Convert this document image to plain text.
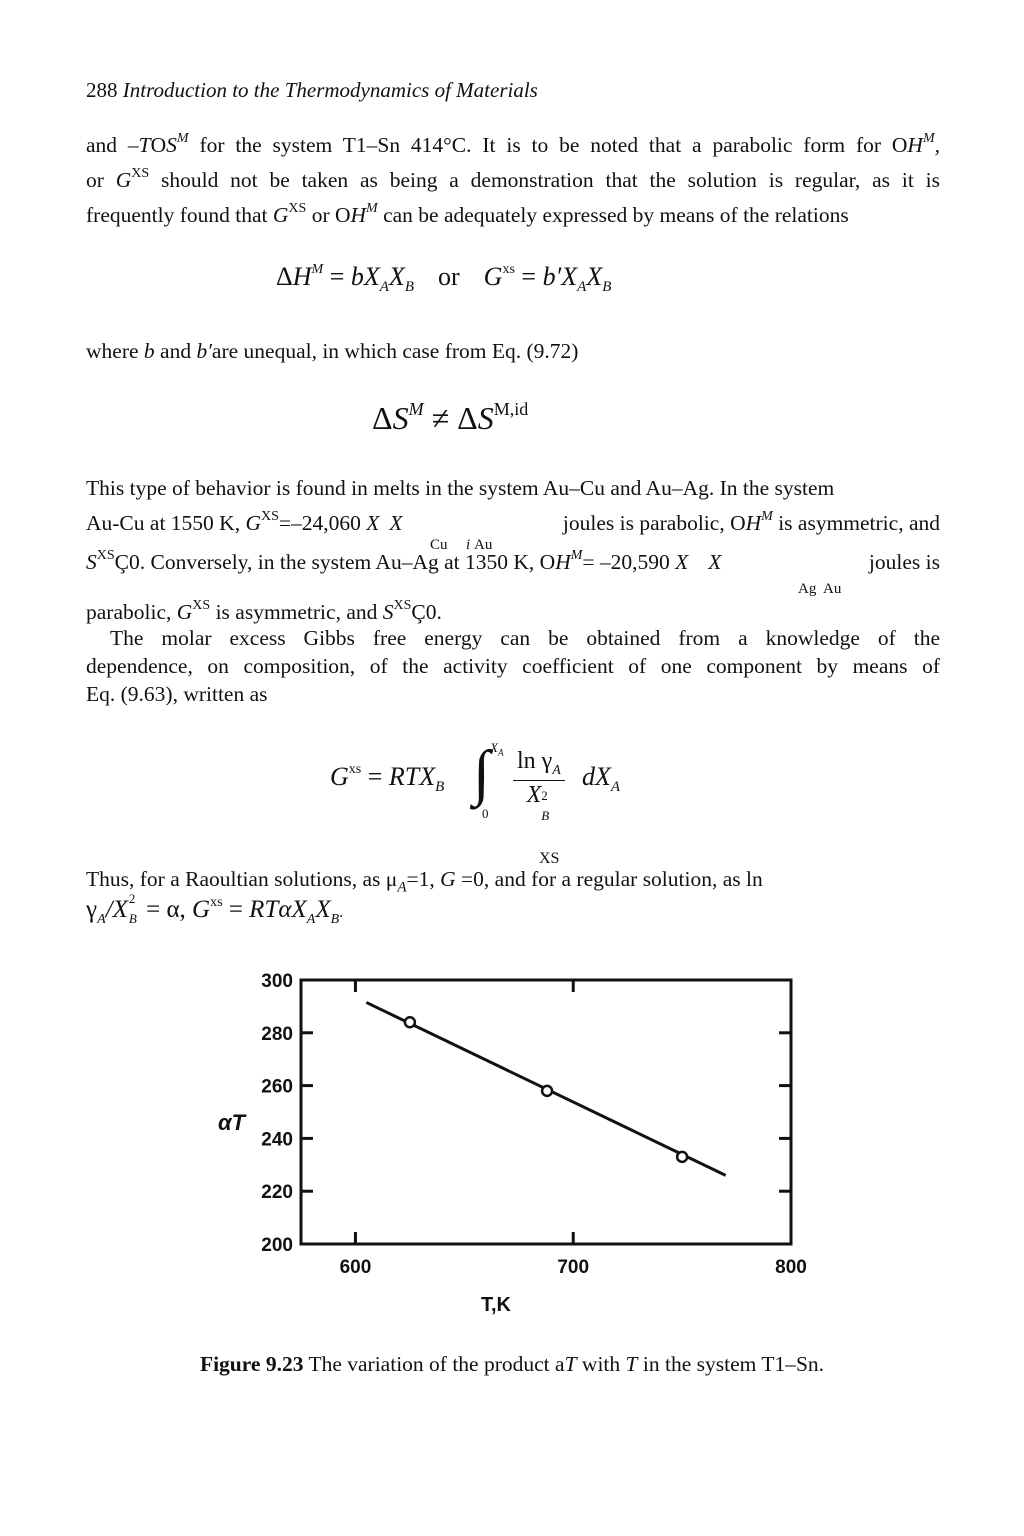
288 Introduction to the Thermodynamics of Materials
and $-TOS^M$ for the system T1–Sn 414°C. It is to be noted that a parabolic form for $OH^M$,
or $G^{XS}$ should not be taken as being a demonstration that the solution is regular, as it is
frequently found that $G^{XS}$ or $OH^M$ can be adequately expressed by means of the relations
$\Delta H^M = bX_AX_B$ or $G^{xs} = b'X_AX_B$
where b and b′are unequal, in which case from Eq. (9.72)
$\Delta S^M \ne \Delta S^{M,id}$
This type of behavior is found in melts in the system Au–Cu and Au–Ag. In the system
Au-Cu at 1550 K, $G^{XS}=-24,060$ X X
Cu i Au
joules is parabolic, $OH^M$ is asymmetric, and
$S^{XS}Ç0$. Conversely, in the system Au–Ag at 1350 K, $OH^M= -20,590$ X X	joules is
Ag  Au
parabolic, $G^{XS}$ is asymmetric, and $S^{XS}Ç0$.
The molar excess Gibbs free energy can be obtained from a knowledge of the
dependence, on composition, of the activity coefficient of one component by means of
Eq. (9.63), written as
$G^{xs} = RTX_B$ ∫ $X_A$
0
$\ln \gamma_A$
X 2
B $dX_A$
XS
Thus, for a Raoultian solutions, as $\mu_A=1$, G =0, and for a regular solution, as ln
$\gamma_A/X$ 2
B = α, $G^{xs} = RT\alpha X_AX_B$.
200
220
240
260
280
300
600	700	800
αT
T,K
Figure 9.23 The variation of the product aT with T in the system T1–Sn.
